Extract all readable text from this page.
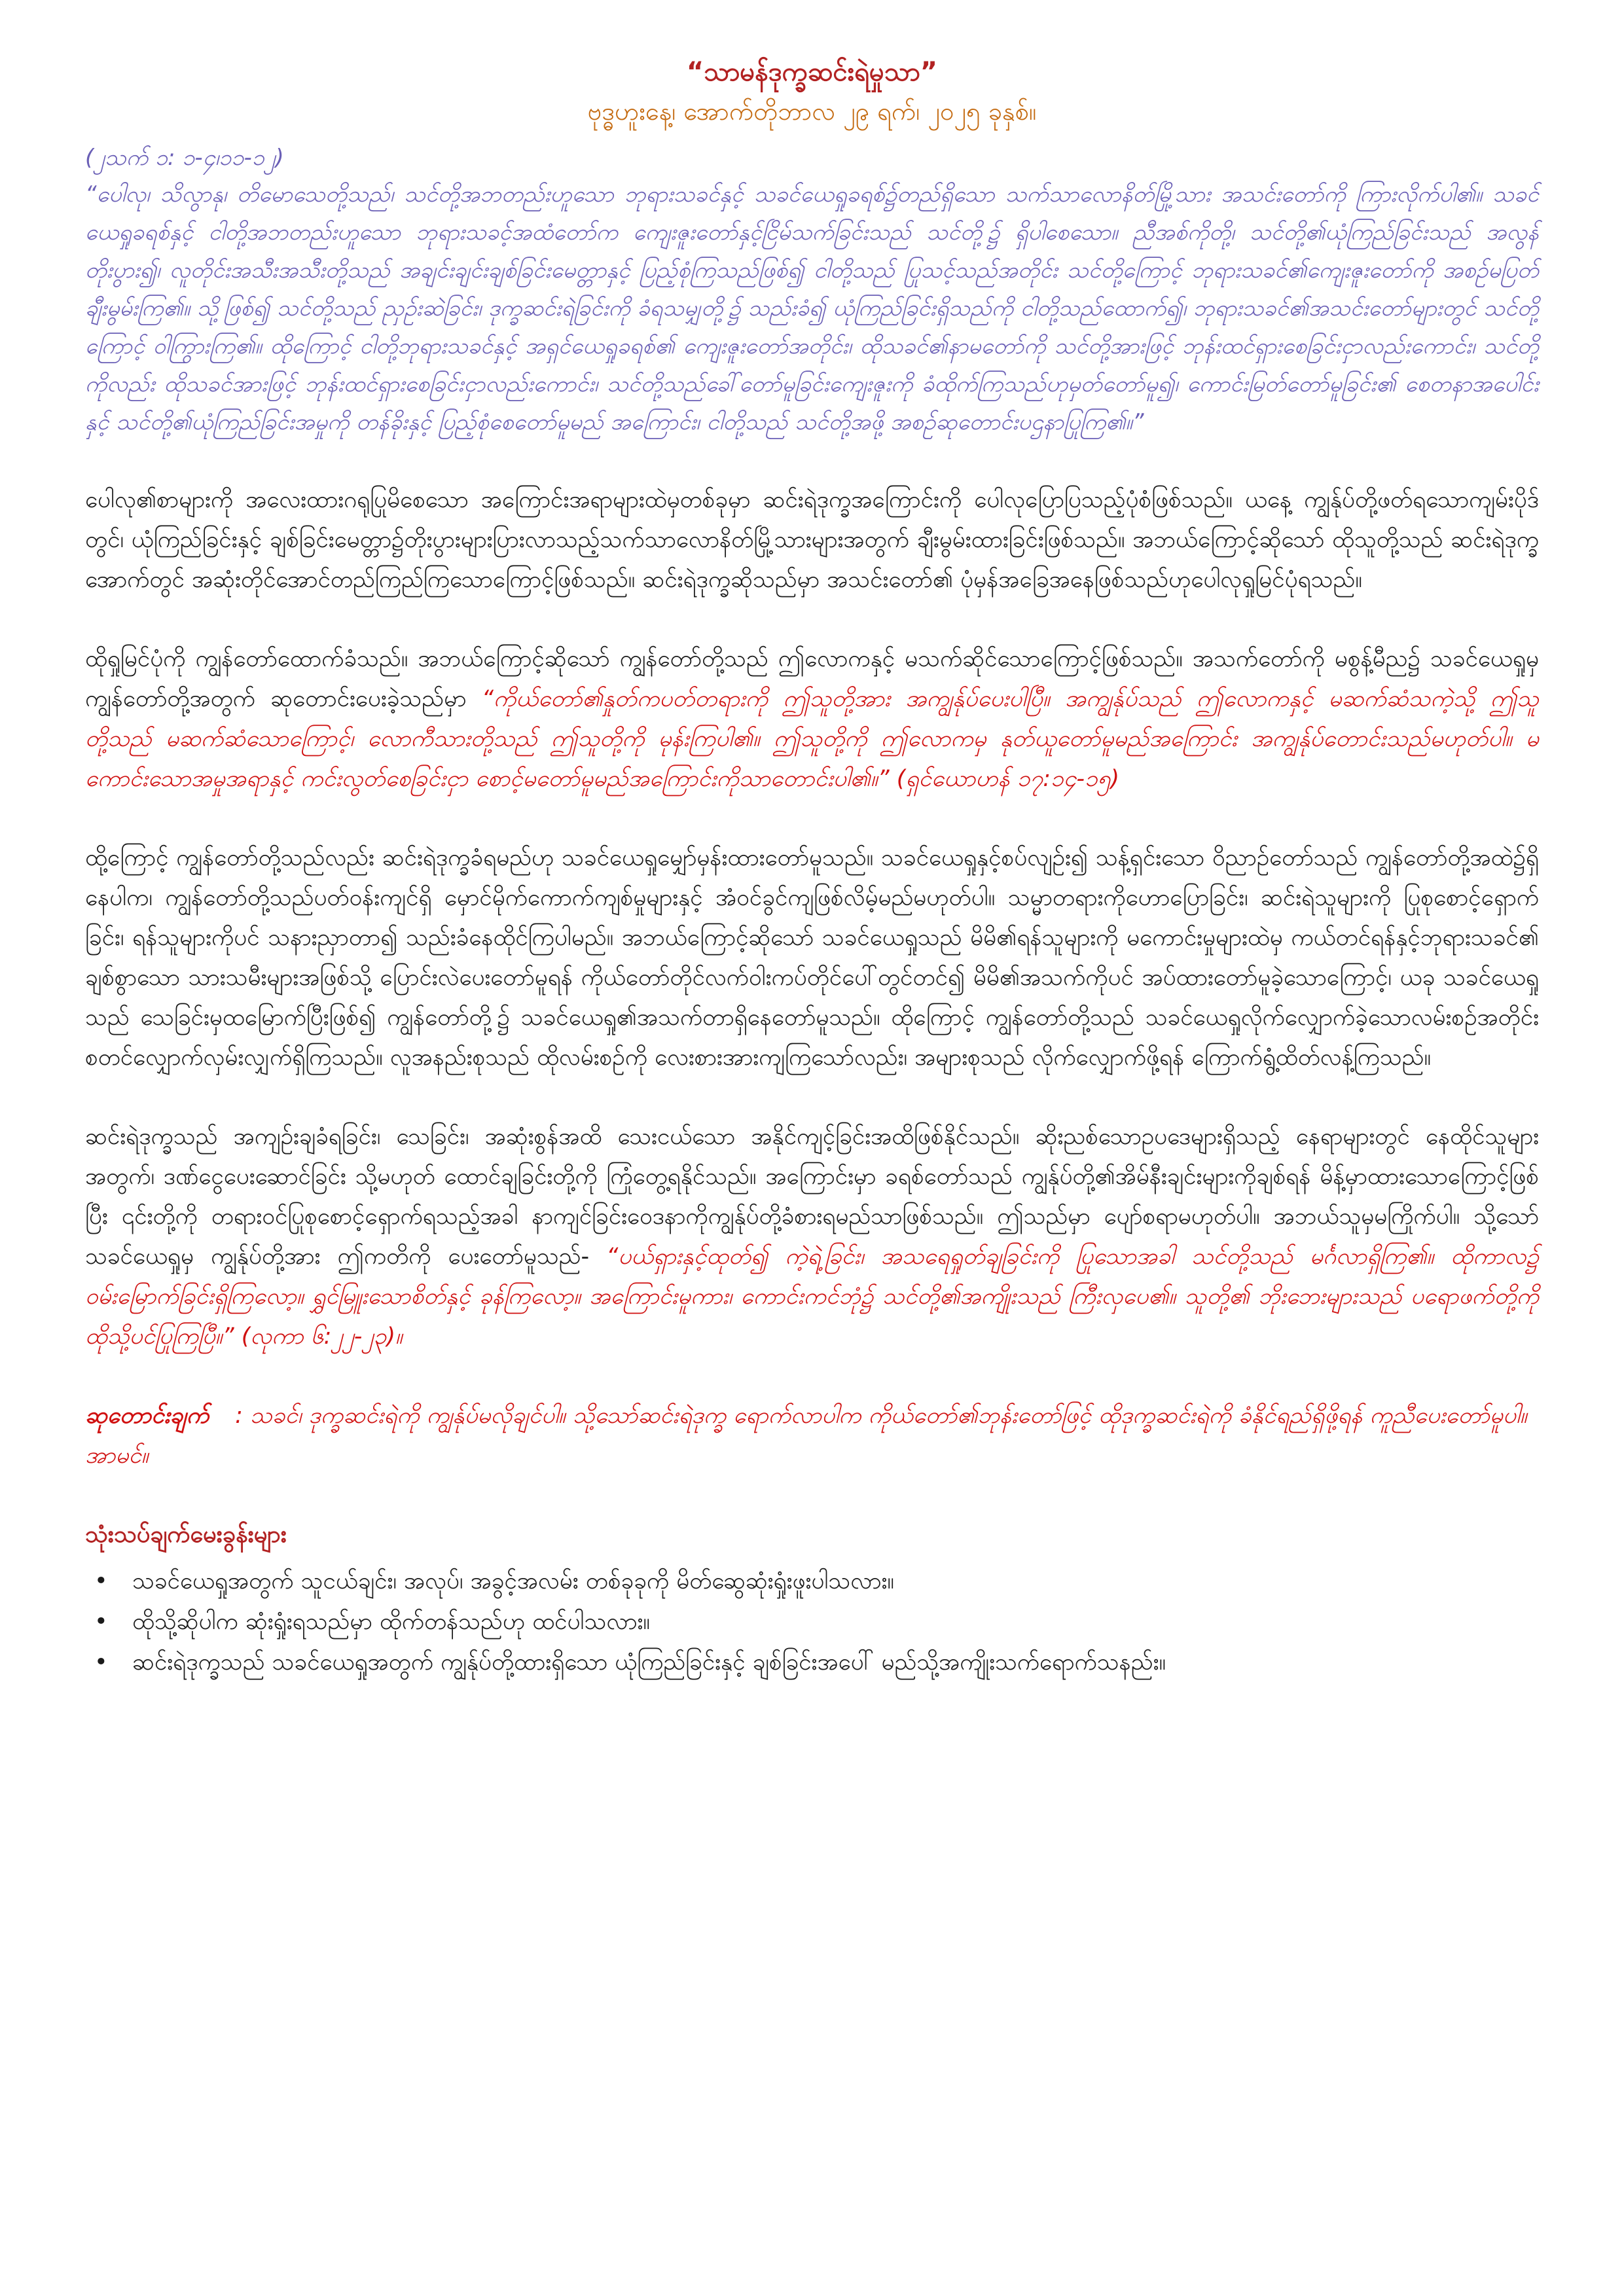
“သာမန်ဒုက္ခဆင်းရဲမှုသာ”

ဗုဒ္ဓဟူးနေ့၊ အောက်တိုဘာလ ၂၉ ရက်၊ ၂၀၂၅ ခုနှစ်။

(၂သက် ၁: ၁-၄၊၁၁-၁၂)

“ပေါလု၊ သိလွာနု၊ တိမောသေတို့သည်၊ သင်တို့အဘတည်းဟူသော ဘုရားသခင်နှင့် သခင်ယေရှုခရစ်၌တည်ရှိသော သက်သာလောနိတ်မြို့သား အသင်းတော်ကို ကြားလိုက်ပါ၏။ သခင်ယေရှုခရစ်နှင့် ငါတို့အဘတည်းဟူသော ဘုရားသခင့်အထံတော်က ကျေးဇူးတော်နှင့်ငြိမ်သက်ခြင်းသည် သင်တို့၌ ရှိပါစေသော။ ညီအစ်ကိုတို့၊ သင်တို့၏ယုံကြည်ခြင်းသည် အလွန်တိုးပွား၍၊ လူတိုင်းအသီးအသီးတို့သည် အချင်းချင်းချစ်ခြင်းမေတ္တာနှင့် ပြည့်စုံကြသည်ဖြစ်၍ ငါတို့သည် ပြုသင့်သည်အတိုင်း သင်တို့ကြောင့် ဘုရားသခင်၏ကျေးဇူးတော်ကို အစဉ်မပြတ်ချီးမွမ်းကြ၏။ သို့ဖြစ်၍ သင်တို့သည် ညှဉ်းဆဲခြင်း၊ ဒုက္ခဆင်းရဲခြင်းကို ခံရသမျှတို့၌ သည်းခံ၍ ယုံကြည်ခြင်းရှိသည်ကို ငါတို့သည်ထောက်၍၊ ဘုရားသခင်၏အသင်းတော်များတွင် သင်တို့ကြောင့် ဝါကြွားကြ၏။ ထိုကြောင့် ငါတို့ဘုရားသခင်နှင့် အရှင်ယေရှုခရစ်၏ ကျေးဇူးတော်အတိုင်း၊ ထိုသခင်၏နာမတော်ကို သင်တို့အားဖြင့် ဘုန်းထင်ရှားစေခြင်းငှာလည်းကောင်း၊ သင်တို့ကိုလည်း ထိုသခင်အားဖြင့် ဘုန်းထင်ရှားစေခြင်းငှာလည်းကောင်း၊ သင်တို့သည်ခေါ်တော်မူခြင်းကျေးဇူးကို ခံထိုက်ကြသည်ဟုမှတ်တော်မူ၍၊ ကောင်းမြတ်တော်မူခြင်း၏ စေတနာအပေါင်းနှင့် သင်တို့၏ယုံကြည်ခြင်းအမှုကို တန်ခိုးနှင့် ပြည့်စုံစေတော်မူမည် အကြောင်း၊ ငါတို့သည် သင်တို့အဖို့ အစဉ်ဆုတောင်းပဌနာပြုကြ၏။”

ပေါလု၏စာများကို အလေးထားဂရုပြုမိစေသော အကြောင်းအရာများထဲမှတစ်ခုမှာ ဆင်းရဲဒုက္ခအကြောင်းကို ပေါလုပြောပြသည့်ပုံစံဖြစ်သည်။ ယနေ့ ကျွန်ုပ်တို့ဖတ်ရသောကျမ်းပိုဒ်တွင်၊ ယုံကြည်ခြင်းနှင့် ချစ်ခြင်းမေတ္တာ၌တိုးပွားများပြားလာသည့်သက်သာလောနိတ်မြို့သားများအတွက် ချီးမွမ်းထားခြင်းဖြစ်သည်။ အဘယ်ကြောင့်ဆိုသော် ထိုသူတို့သည် ဆင်းရဲဒုက္ခအောက်တွင် အဆုံးတိုင်အောင်တည်ကြည်ကြသောကြောင့်ဖြစ်သည်။ ဆင်းရဲဒုက္ခဆိုသည်မှာ အသင်းတော်၏ ပုံမှန်အခြေအနေဖြစ်သည်ဟုပေါလုရှုမြင်ပုံရသည်။

ထိုရှုမြင်ပုံကို ကျွန်တော်ထောက်ခံသည်။ အဘယ်ကြောင့်ဆိုသော် ကျွန်တော်တို့သည် ဤလောကနှင့် မသက်ဆိုင်သောကြောင့်ဖြစ်သည်။ အသက်တော်ကို မစွန့်မီည၌ သခင်ယေရှုမှ ကျွန်တော်တို့အတွက် ဆုတောင်းပေးခဲ့သည်မှာ “ကိုယ်တော်၏နှုတ်ကပတ်တရားကို ဤသူတို့အား အကျွန်ုပ်ပေးပါပြီ။ အကျွန်ုပ်သည် ဤလောကနှင့် မဆက်ဆံသကဲ့သို့ ဤသူတို့သည် မဆက်ဆံသောကြောင့်၊ လောကီသားတို့သည် ဤသူတို့ကို မုန်းကြပါ၏။ ဤသူတို့ကို ဤလောကမှ နုတ်ယူတော်မူမည်အကြောင်း အကျွန်ုပ်တောင်းသည်မဟုတ်ပါ။ မကောင်းသောအမှုအရာနှင့် ကင်းလွတ်စေခြင်းငှာ စောင့်မတော်မူမည်အကြောင်းကိုသာတောင်းပါ၏။” (ရှင်ယောဟန် ၁၇:၁၄-၁၅)

ထို့ကြောင့် ကျွန်တော်တို့သည်လည်း ဆင်းရဲဒုက္ခခံရမည်ဟု သခင်ယေရှုမျှော်မှန်းထားတော်မူသည်။ သခင်ယေရှုနှင့်စပ်လျဉ်း၍ သန့်ရှင်းသော ဝိညာဉ်တော်သည် ကျွန်တော်တို့အထဲ၌ရှိနေပါက၊ ကျွန်တော်တို့သည်ပတ်ဝန်းကျင်ရှိ မှောင်မိုက်ကောက်ကျစ်မှုများနှင့် အံဝင်ခွင်ကျဖြစ်လိမ့်မည်မဟုတ်ပါ။ သမ္မာတရားကိုဟောပြောခြင်း၊ ဆင်းရဲသူများကို ပြုစုစောင့်ရှောက်ခြင်း၊ ရန်သူများကိုပင် သနားညှာတာ၍ သည်းခံနေထိုင်ကြပါမည်။ အဘယ်ကြောင့်ဆိုသော် သခင်ယေရှုသည် မိမိ၏ရန်သူများကို မကောင်းမှုများထဲမှ ကယ်တင်ရန်နှင့်ဘုရားသခင်၏ ချစ်စွာသော သားသမီးများအဖြစ်သို့ ပြောင်းလဲပေးတော်မူရန် ကိုယ်တော်တိုင်လက်ဝါးကပ်တိုင်ပေါ်တွင်တင်၍ မိမိ၏အသက်ကိုပင် အပ်ထားတော်မူခဲ့သောကြောင့်၊ ယခု သခင်ယေရှုသည် သေခြင်းမှထမြောက်ပြီးဖြစ်၍ ကျွန်တော်တို့၌ သခင်ယေရှု၏အသက်တာရှိနေတော်မူသည်။ ထိုကြောင့် ကျွန်တော်တို့သည် သခင်ယေရှုလိုက်လျှောက်ခဲ့သောလမ်းစဉ်အတိုင်း စတင်လျှောက်လှမ်းလျှက်ရှိကြသည်။ လူအနည်းစုသည် ထိုလမ်းစဉ်ကို လေးစားအားကျကြသော်လည်း၊ အများစုသည် လိုက်လျှောက်ဖို့ရန် ကြောက်ရွံ့ထိတ်လန့်ကြသည်။

ဆင်းရဲဒုက္ခသည် အကျဉ်းချခံရခြင်း၊ သေခြင်း၊ အဆုံးစွန်အထိ သေးငယ်သော အနိုင်ကျင့်ခြင်းအထိဖြစ်နိုင်သည်။ ဆိုးညစ်သောဥပဒေများရှိသည့် နေရာများတွင် နေထိုင်သူများအတွက်၊ ဒဏ်ငွေပေးဆောင်ခြင်း သို့မဟုတ် ထောင်ချခြင်းတို့ကို ကြုံတွေ့ရနိုင်သည်။ အကြောင်းမှာ ခရစ်တော်သည် ကျွန်ုပ်တို့၏အိမ်နီးချင်းများကိုချစ်ရန် မိန့်မှာထားသောကြောင့်ဖြစ်ပြီး ၎င်းတို့ကို တရားဝင်ပြုစုစောင့်ရှောက်ရသည့်အခါ နာကျင်ခြင်းဝေဒနာကိုကျွန်ုပ်တို့ခံစားရမည်သာဖြစ်သည်။ ဤသည်မှာ ပျော်စရာမဟုတ်ပါ။ အဘယ်သူမှမကြိုက်ပါ။ သို့သော် သခင်ယေရှုမှ ကျွန်ုပ်တို့အား ဤကတိကို ပေးတော်မူသည်- “ပယ်ရှားနှင့်ထုတ်၍ ကဲ့ရဲ့ခြင်း၊ အသရေရှုတ်ချခြင်းကို ပြုသောအခါ သင်တို့သည် မင်္ဂလာရှိကြ၏။ ထိုကာလ၌ ဝမ်းမြောက်ခြင်းရှိကြလော့။ ရွှင်မြူးသောစိတ်နှင့် ခုန်ကြလော့။ အကြောင်းမူကား၊ ကောင်းကင်ဘုံ၌ သင်တို့၏အကျိုးသည် ကြီးလှပေ၏။ သူတို့၏ ဘိုးဘေးများသည် ပရောဖက်တို့ကို ထိုသို့ပင်ပြုကြပြီ။” (လုကာ ၆:၂၂-၂၃)။

ဆုတောင်းချက် : သခင်၊ ဒုက္ခဆင်းရဲကို ကျွန်ုပ်မလိုချင်ပါ။ သို့သော်ဆင်းရဲဒုက္ခ ရောက်လာပါက ကိုယ်တော်၏ဘုန်းတော်ဖြင့် ထိုဒုက္ခဆင်းရဲကို ခံနိုင်ရည်ရှိဖို့ရန် ကူညီပေးတော်မူပါ။ အာမင်။

သုံးသပ်ချက်မေးခွန်းများ
• သခင်ယေရှုအတွက် သူငယ်ချင်း၊ အလုပ်၊ အခွင့်အလမ်း တစ်ခုခုကို မိတ်ဆွေဆုံးရှုံးဖူးပါသလား။
• ထိုသို့ဆိုပါက ဆုံးရှုံးရသည်မှာ ထိုက်တန်သည်ဟု ထင်ပါသလား။
• ဆင်းရဲဒုက္ခသည် သခင်ယေရှုအတွက် ကျွန်ုပ်တို့ထားရှိသော ယုံကြည်ခြင်းနှင့် ချစ်ခြင်းအပေါ် မည်သို့အကျိုးသက်ရောက်သနည်း။
